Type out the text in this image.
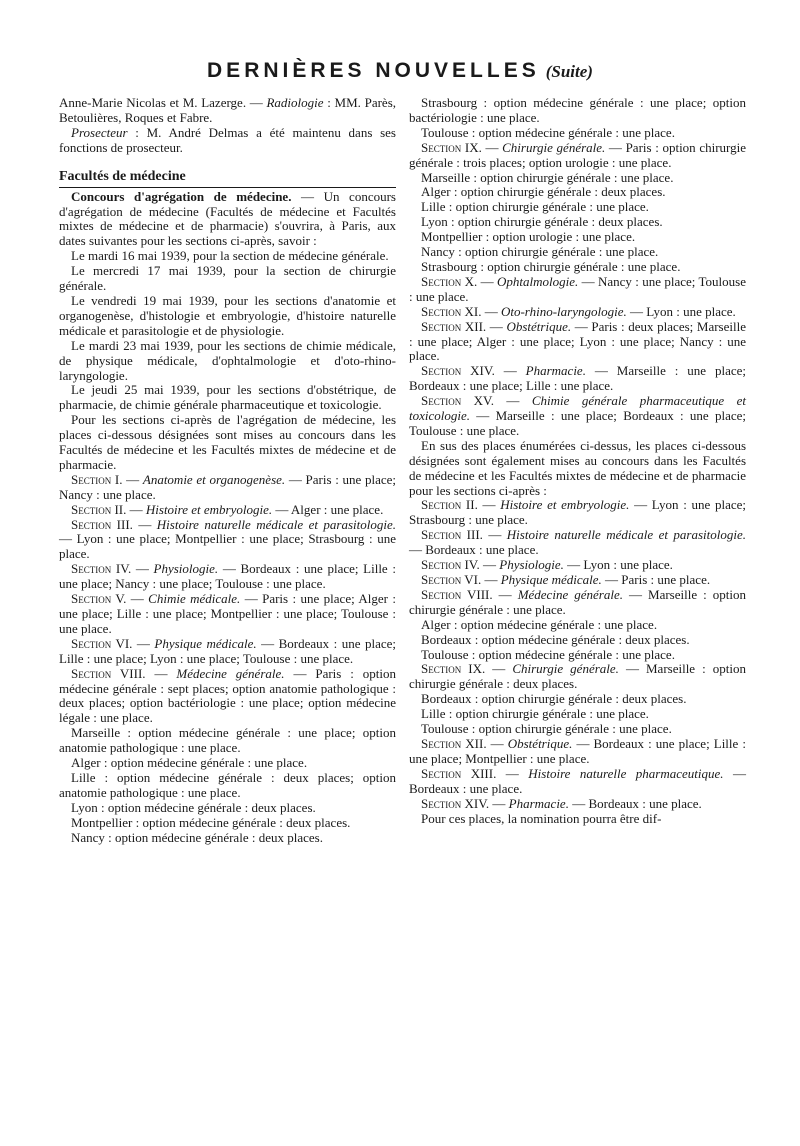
DERNIÈRES NOUVELLES (Suite)

Anne-Marie Nicolas et M. Lazerge. — Radiologie : MM. Parès, Betoulières, Roques et Fabre.

Prosecteur : M. André Delmas a été maintenu dans ses fonctions de prosecteur.

Facultés de médecine

Concours d'agrégation de médecine. — Un concours d'agrégation de médecine (Facultés de médecine et Facultés mixtes de médecine et de pharmacie) s'ouvrira, à Paris, aux dates suivantes pour les sections ci-après, savoir :

Le mardi 16 mai 1939, pour la section de médecine générale.

Le mercredi 17 mai 1939, pour la section de chirurgie générale.

Le vendredi 19 mai 1939, pour les sections d'anatomie et organogenèse, d'histologie et embryologie, d'histoire naturelle médicale et parasitologie et de physiologie.

Le mardi 23 mai 1939, pour les sections de chimie médicale, de physique médicale, d'ophtalmologie et d'oto-rhino-laryngologie.

Le jeudi 25 mai 1939, pour les sections d'obstétrique, de pharmacie, de chimie générale pharmaceutique et toxicologie.

Pour les sections ci-après de l'agrégation de médecine, les places ci-dessous désignées sont mises au concours dans les Facultés de médecine et les Facultés mixtes de médecine et de pharmacie.

Section I. — Anatomie et organogenèse. — Paris : une place; Nancy : une place.

Section II. — Histoire et embryologie. — Alger : une place.

Section III. — Histoire naturelle médicale et parasitologie. — Lyon : une place; Montpellier : une place; Strasbourg : une place.

Section IV. — Physiologie. — Bordeaux : une place; Lille : une place; Nancy : une place; Toulouse : une place.

Section V. — Chimie médicale. — Paris : une place; Alger : une place; Lille : une place; Montpellier : une place; Toulouse : une place.

Section VI. — Physique médicale. — Bordeaux : une place; Lille : une place; Lyon : une place; Toulouse : une place.

Section VIII. — Médecine générale. — Paris : option médecine générale : sept places; option anatomie pathologique : deux places; option bactériologie : une place; option médecine légale : une place.

Marseille : option médecine générale : une place; option anatomie pathologique : une place.

Alger : option médecine générale : une place.

Lille : option médecine générale : deux places; option anatomie pathologique : une place.

Lyon : option médecine générale : deux places.

Montpellier : option médecine générale : deux places.

Nancy : option médecine générale : deux places.

Strasbourg : option médecine générale : une place; option bactériologie : une place.

Toulouse : option médecine générale : une place.

Section IX. — Chirurgie générale. — Paris : option chirurgie générale : trois places; option urologie : une place.

Marseille : option chirurgie générale : une place.

Alger : option chirurgie générale : deux places.

Lille : option chirurgie générale : une place.

Lyon : option chirurgie générale : deux places.

Montpellier : option urologie : une place.

Nancy : option chirurgie générale : une place.

Strasbourg : option chirurgie générale : une place.

Section X. — Ophtalmologie. — Nancy : une place; Toulouse : une place.

Section XI. — Oto-rhino-laryngologie. — Lyon : une place.

Section XII. — Obstétrique. — Paris : deux places; Marseille : une place; Alger : une place; Lyon : une place; Nancy : une place.

Section XIV. — Pharmacie. — Marseille : une place; Bordeaux : une place; Lille : une place.

Section XV. — Chimie générale pharmaceutique et toxicologie. — Marseille : une place; Bordeaux : une place; Toulouse : une place.

En sus des places énumérées ci-dessus, les places ci-dessous désignées sont également mises au concours dans les Facultés de médecine et les Facultés mixtes de médecine et de pharmacie pour les sections ci-après :

Section II. — Histoire et embryologie. — Lyon : une place; Strasbourg : une place.

Section III. — Histoire naturelle médicale et parasitologie. — Bordeaux : une place.

Section IV. — Physiologie. — Lyon : une place.

Section VI. — Physique médicale. — Paris : une place.

Section VIII. — Médecine générale. — Marseille : option chirurgie générale : une place.

Alger : option médecine générale : une place.

Bordeaux : option médecine générale : deux places.

Toulouse : option médecine générale : une place.

Section IX. — Chirurgie générale. — Marseille : option chirurgie générale : deux places.

Bordeaux : option chirurgie générale : deux places.

Lille : option chirurgie générale : une place.

Toulouse : option chirurgie générale : une place.

Section XII. — Obstétrique. — Bordeaux : une place; Lille : une place; Montpellier : une place.

Section XIII. — Histoire naturelle pharmaceutique. — Bordeaux : une place.

Section XIV. — Pharmacie. — Bordeaux : une place.

Pour ces places, la nomination pourra être dif-
